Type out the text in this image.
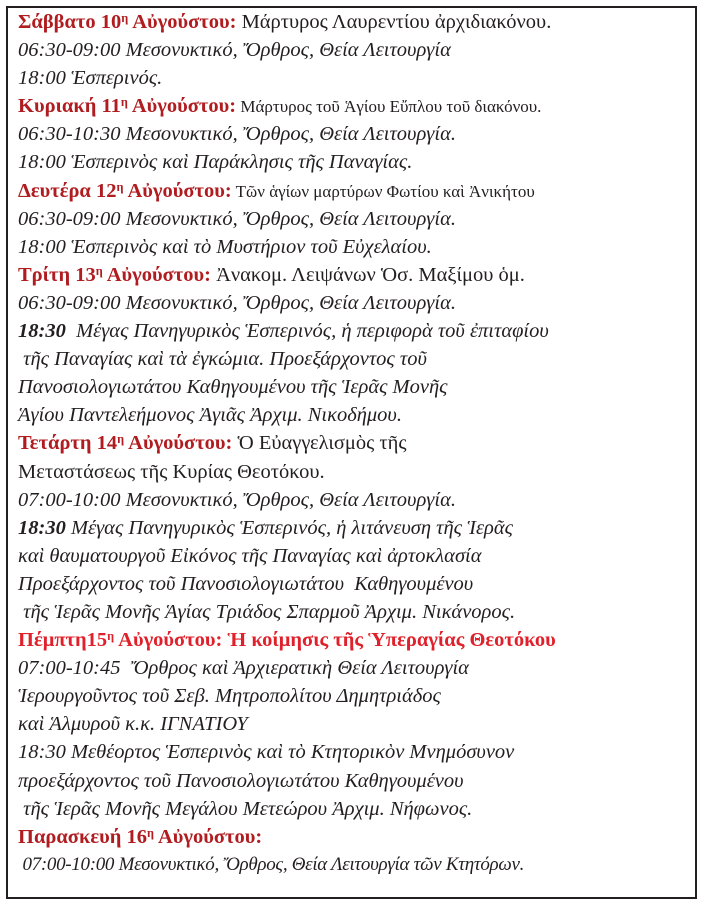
Σάββατο $10^\eta$ Αὐγούστου: Μάρτυρος Λαυρεντίου ἀρχιδιακόνου.
06:30-09:00 Μεσονυκτικό, Ὄρθρος, Θεία Λειτουργία
18:00 Ἑσπερινός.
Κυριακή $11^\eta$ Αὐγούστου: Μάρτυρος τοῦ Ἁγίου Εὔπλου τοῦ διακόνου.
06:30-10:30 Μεσονυκτικό, Ὄρθρος, Θεία Λειτουργία.
18:00 Ἑσπερινὸς καὶ Παράκλησις τῆς Παναγίας.
Δευτέρα $12^\eta$ Αὐγούστου: Τῶν ἁγίων μαρτύρων Φωτίου καὶ Ἀνικήτου
06:30-09:00 Μεσονυκτικό, Ὄρθρος, Θεία Λειτουργία.
18:00 Ἑσπερινὸς καὶ τὸ Μυστήριον τοῦ Εὐχελαίου.
Τρίτη $13^\eta$ Αὐγούστου: Ἀνακομ. Λειψάνων Ὁσ. Μαξίμου ὁμ.
06:30-09:00 Μεσονυκτικό, Ὄρθρος, Θεία Λειτουργία.
18:30  Μέγας Πανηγυρικὸς Ἑσπερινός, ἡ περιφορὰ τοῦ ἐπιταφίου
τῆς Παναγίας καὶ τὰ ἐγκώμια. Προεξάρχοντος τοῦ
Πανοσιολογιωτάτου Καθηγουμένου τῆς Ἱερᾶς Μονῆς
Ἁγίου Παντελεήμονος Ἀγιᾶς Ἀρχιμ. Νικοδήμου.
Τετάρτη $14^\eta$ Αὐγούστου: Ὁ Εὐαγγελισμὸς τῆς
Μεταστάσεως τῆς Κυρίας Θεοτόκου.
07:00-10:00 Μεσονυκτικό, Ὄρθρος, Θεία Λειτουργία.
18:30 Μέγας Πανηγυρικὸς Ἑσπερινός, ἡ λιτάνευση τῆς Ἱερᾶς
καὶ θαυματουργοῦ Εἰκόνος τῆς Παναγίας καὶ ἀρτοκλασία
Προεξάρχοντος τοῦ Πανοσιολογιωτάτου  Καθηγουμένου
τῆς Ἱερᾶς Μονῆς Ἁγίας Τριάδος Σπαρμοῦ Ἀρχιμ. Νικάνορος.
$\Pi έ\mu\pi\tau\eta 15^\eta$ Αὐγούστου: Ἡ κοίμησις τῆς Ὑπεραγίας Θεοτόκου
07:00-10:45  Ὄρθρος καὶ Ἀρχιερατικὴ Θεία Λειτουργία
Ἱερουργοῦντος τοῦ Σεβ. Μητροπολίτου Δημητριάδος
καὶ Ἁλμυροῦ κ.κ. ΙΓΝΑΤΙΟΥ
18:30 Μεθέορτος Ἑσπερινὸς καὶ τὸ Κτητορικὸν Μνημόσυνον
προεξάρχοντος τοῦ Πανοσιολογιωτάτου Καθηγουμένου
τῆς Ἱερᾶς Μονῆς Μεγάλου Μετεώρου Ἀρχιμ. Νήφωνος.
Παρασκευή $16^\eta$ Αὐγούστου:
07:00-10:00 Μεσονυκτικό, Ὄρθρος, Θεία Λειτουργία τῶν Κτητόρων.
